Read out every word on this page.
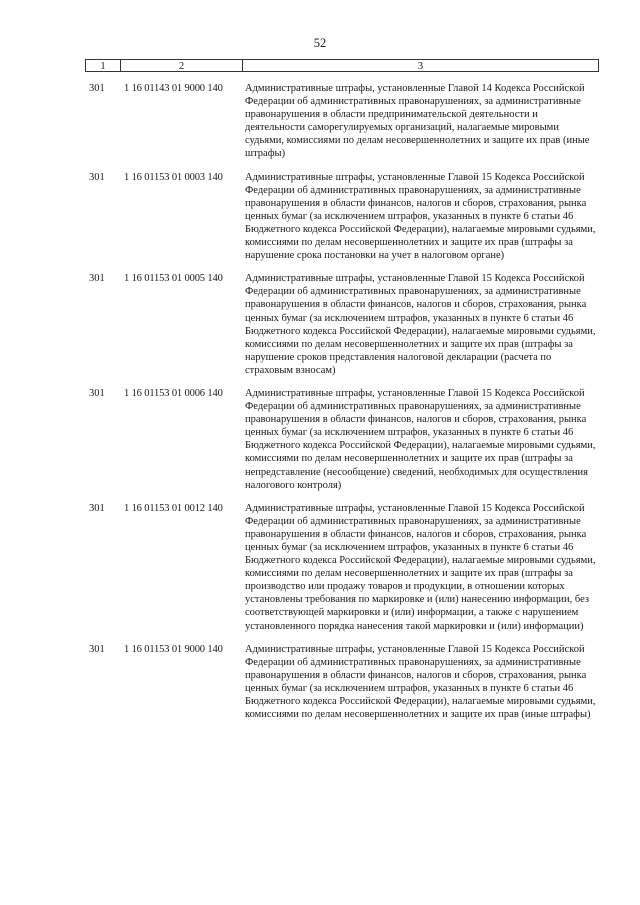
52
1	2	3
301	1 16 01143 01 9000 140	Административные штрафы, установленные Главой 14 Кодекса Российской Федерации об административных правонарушениях, за административные правонарушения в области предпринимательской деятельности и деятельности саморегулируемых организаций, налагаемые мировыми судьями, комиссиями по делам несовершеннолетних и защите их прав (иные штрафы)
301	1 16 01153 01 0003 140	Административные штрафы, установленные Главой 15 Кодекса Российской Федерации об административных правонарушениях, за административные правонарушения в области финансов, налогов и сборов, страхования, рынка ценных бумаг (за исключением штрафов, указанных в пункте 6 статьи 46 Бюджетного кодекса Российской Федерации), налагаемые мировыми судьями, комиссиями по делам несовершеннолетних и защите их прав (штрафы за нарушение срока постановки на учет в налоговом органе)
301	1 16 01153 01 0005 140	Административные штрафы, установленные Главой 15 Кодекса Российской Федерации об административных правонарушениях, за административные правонарушения в области финансов, налогов и сборов, страхования, рынка ценных бумаг (за исключением штрафов, указанных в пункте 6 статьи 46 Бюджетного кодекса Российской Федерации), налагаемые мировыми судьями, комиссиями по делам несовершеннолетних и защите их прав (штрафы за нарушение сроков представления налоговой декларации (расчета по страховым взносам)
301	1 16 01153 01 0006 140	Административные штрафы, установленные Главой 15 Кодекса Российской Федерации об административных правонарушениях, за административные правонарушения в области финансов, налогов и сборов, страхования, рынка ценных бумаг (за исключением штрафов, указанных в пункте 6 статьи 46 Бюджетного кодекса Российской Федерации), налагаемые мировыми судьями, комиссиями по делам несовершеннолетних и защите их прав (штрафы за непредставление (несообщение) сведений, необходимых для осуществления налогового контроля)
301	1 16 01153 01 0012 140	Административные штрафы, установленные Главой 15 Кодекса Российской Федерации об административных правонарушениях, за административные правонарушения в области финансов, налогов и сборов, страхования, рынка ценных бумаг (за исключением штрафов, указанных в пункте 6 статьи 46 Бюджетного кодекса Российской Федерации), налагаемые мировыми судьями, комиссиями по делам несовершеннолетних и защите их прав (штрафы за производство или продажу товаров и продукции, в отношении которых установлены требования по маркировке и (или) нанесению информации, без соответствующей маркировки и (или) информации, а также с нарушением установленного порядка нанесения такой маркировки и (или) информации)
301	1 16 01153 01 9000 140	Административные штрафы, установленные Главой 15 Кодекса Российской Федерации об административных правонарушениях, за административные правонарушения в области финансов, налогов и сборов, страхования, рынка ценных бумаг (за исключением штрафов, указанных в пункте 6 статьи 46 Бюджетного кодекса Российской Федерации), налагаемые мировыми судьями, комиссиями по делам несовершеннолетних и защите их прав (иные штрафы)
